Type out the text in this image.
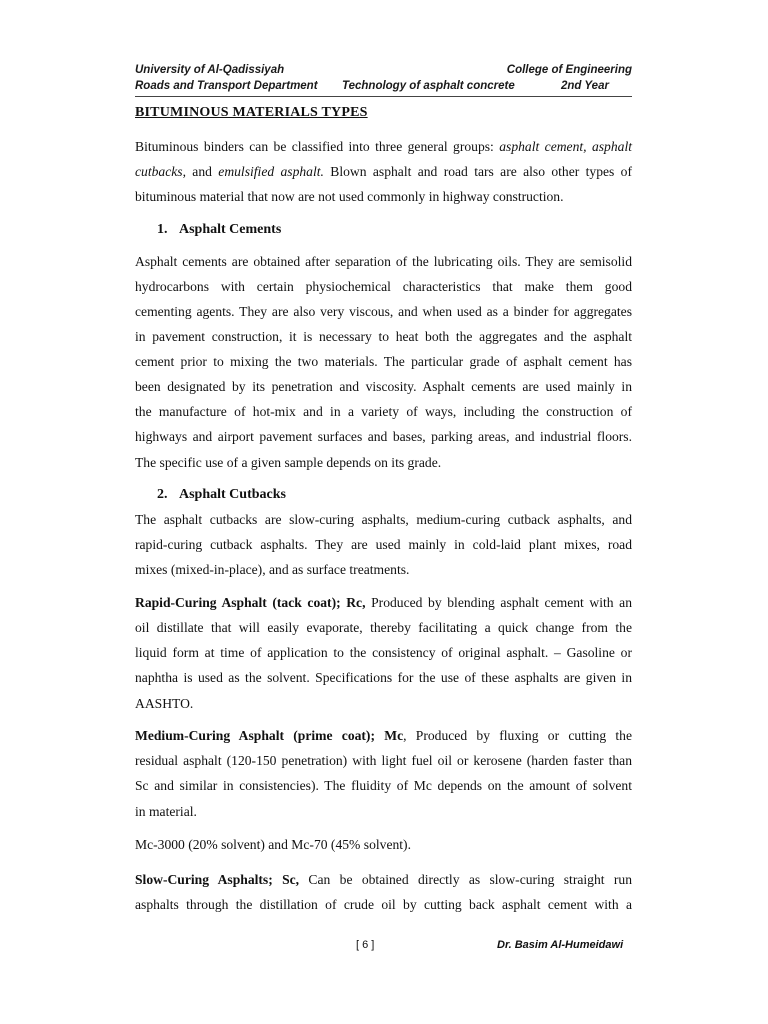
University of Al-Qadissiyah	College of Engineering
Roads and Transport Department Technology of asphalt concrete	2nd Year
BITUMINOUS MATERIALS TYPES
Bituminous binders can be classified into three general groups: asphalt cement, asphalt
cutbacks, and emulsified asphalt. Blown asphalt and road tars are also other types of
bituminous material that now are not used commonly in highway construction.
1. Asphalt Cements
Asphalt cements are obtained after separation of the lubricating oils. They are semisolid
hydrocarbons with certain physiochemical characteristics that make them good
cementing agents. They are also very viscous, and when used as a binder for aggregates
in pavement construction, it is necessary to heat both the aggregates and the asphalt
cement prior to mixing the two materials. The particular grade of asphalt cement has
been designated by its penetration and viscosity. Asphalt cements are used mainly in
the manufacture of hot-mix and in a variety of ways, including the construction of
highways and airport pavement surfaces and bases, parking areas, and industrial floors.
The specific use of a given sample depends on its grade.
2. Asphalt Cutbacks
The asphalt cutbacks are slow-curing asphalts, medium-curing cutback asphalts, and
rapid-curing cutback asphalts. They are used mainly in cold-laid plant mixes, road
mixes (mixed-in-place), and as surface treatments.
Rapid-Curing Asphalt (tack coat); Rc, Produced by blending asphalt cement with an
oil distillate that will easily evaporate, thereby facilitating a quick change from the
liquid form at time of application to the consistency of original asphalt. – Gasoline or
naphtha is used as the solvent. Specifications for the use of these asphalts are given in
AASHTO.
Medium-Curing Asphalt (prime coat); Mc, Produced by fluxing or cutting the
residual asphalt (120-150 penetration) with light fuel oil or kerosene (harden faster than
Sc and similar in consistencies). The fluidity of Mc depends on the amount of solvent
in material.
Mc-3000 (20% solvent) and Mc-70 (45% solvent).
Slow-Curing Asphalts; Sc, Can be obtained directly as slow-curing straight run
asphalts through the distillation of crude oil by cutting back asphalt cement with a
[ 6 ]	Dr. Basim Al-Humeidawi
